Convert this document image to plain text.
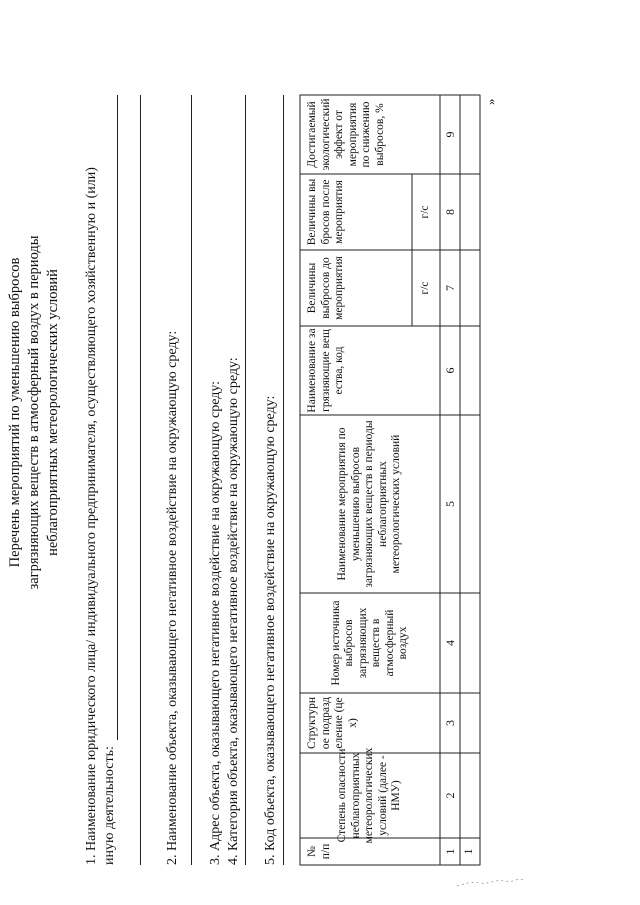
Перечень мероприятий по уменьшению выбросов загрязняющих веществ в атмосферный воздух в периоды неблагоприятных метеорологических условий 1. Наименование юридического лица/ индивидуального предпринимателя, осуществляющего хозяйственную и (или) иную деятельность:	2. Наименование объекта, оказывающего негативное воздействие на окружающую среду: 3. Адрес объекта, оказывающего негативное воздействие на окружающую среду: 4. Категория объекта, оказывающего негативное воздействие на окружающую среду: 5. Код объекта, оказывающего негативное воздействие на окружающую среду:	№ п/п
Степень опасности неблагоприятных метеорологических условий (далее - НМУ)
Структурное подразделение (цех)
Номер источника выбросов загрязняющих веществ в атмосферный воздух
Наименование мероприятия по уменьшению выбросов загрязняющих веществ в периоды неблагоприятных метеорологических условий
Наименование загрязняющие вещества, код
Величины выбросов до мероприятия
Величины выбросов после мероприятия
Достигаемый экологический эффект от мероприятия по снижению выбросов, %
г/с
г/с
1
2
3
4
5
6
7
8
9
1
»
